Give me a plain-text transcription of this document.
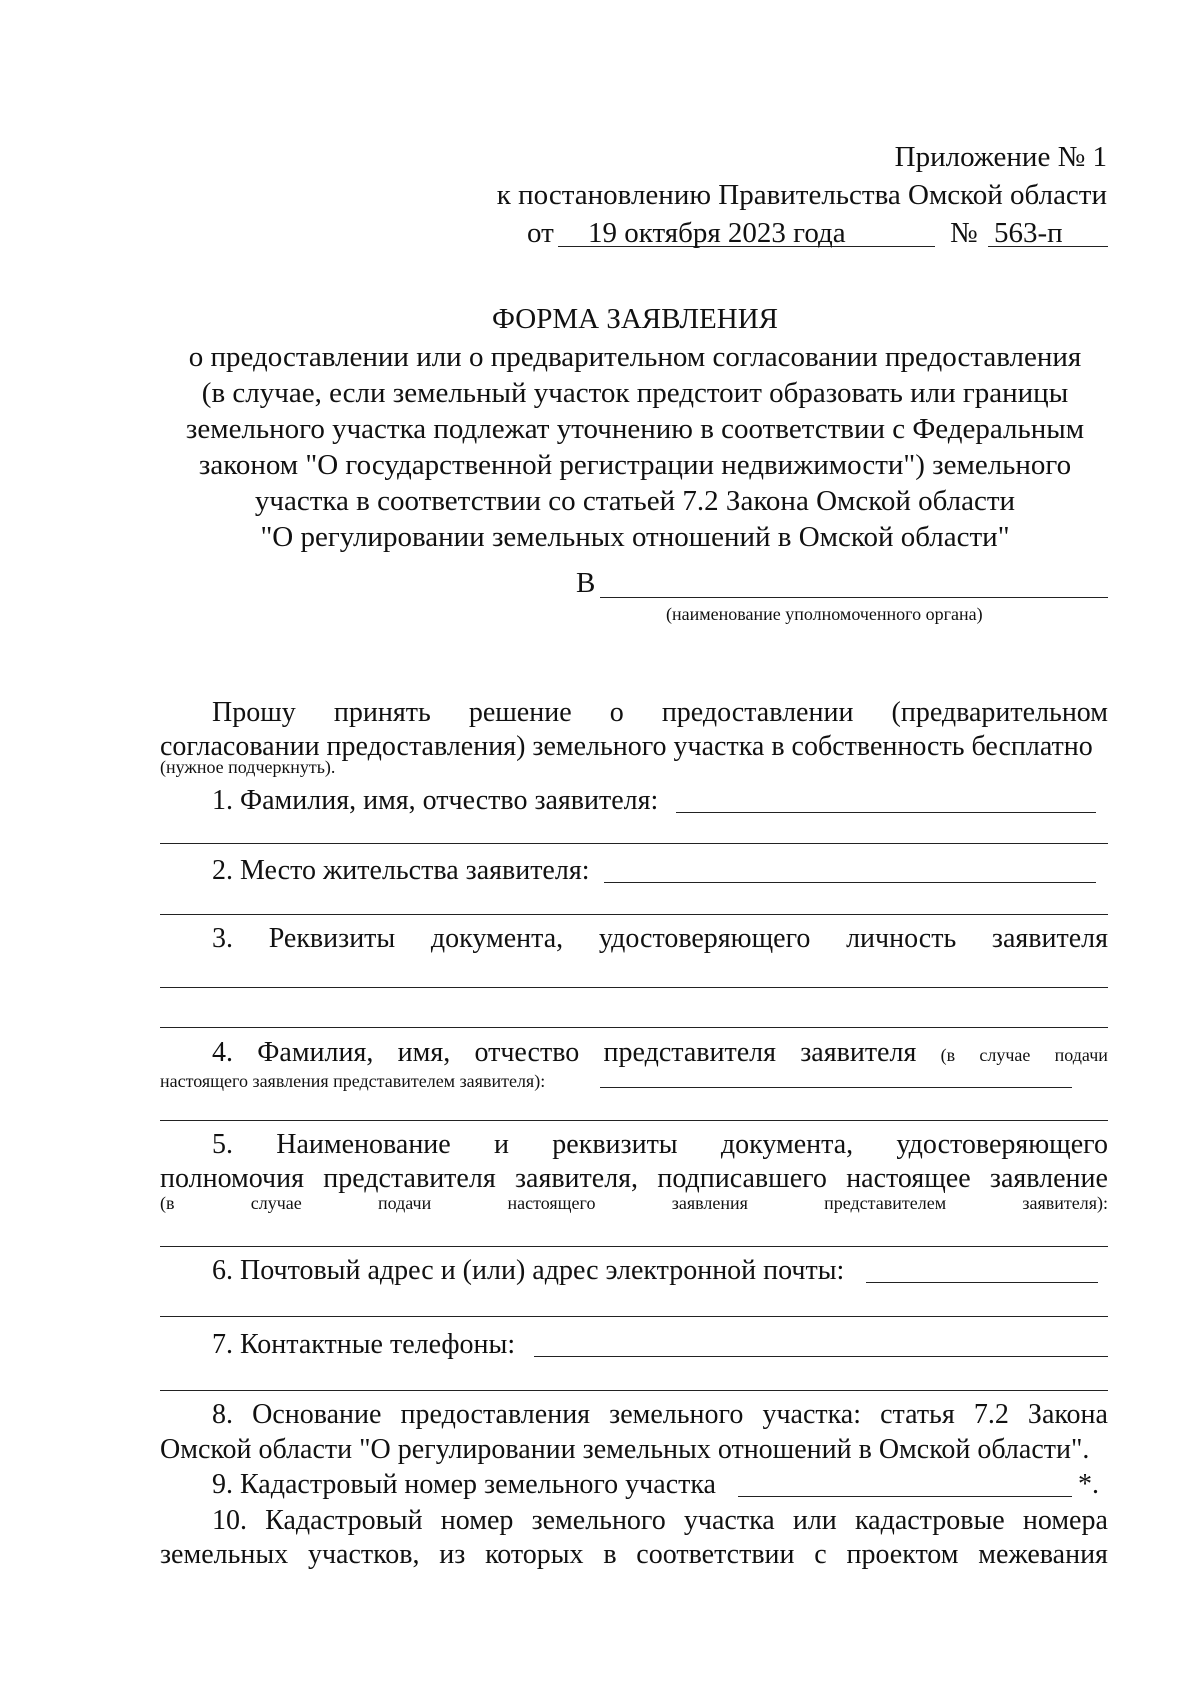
Приложение № 1
к постановлению Правительства Омской области
от 19 октября 2023 года	№ 563-п
ФОРМА ЗАЯВЛЕНИЯ
о предоставлении или о предварительном согласовании предоставления
(в случае, если земельный участок предстоит образовать или границы
земельного участка подлежат уточнению в соответствии с Федеральным
законом "О государственной регистрации недвижимости") земельного
участка в соответствии со статьей 7.2 Закона Омской области
"О регулировании земельных отношений в Омской области"
В
(наименование уполномоченного органа)
Прошу принять решение о предоставлении (предварительном
согласовании предоставления) земельного участка в собственность бесплатно
(нужное подчеркнуть).
1. Фамилия, имя, отчество заявителя:
2. Место жительства заявителя:
3. Реквизиты документа, удостоверяющего личность заявителя
4. Фамилия, имя, отчество представителя заявителя (в случае подачи
настоящего заявления представителем заявителя):
5. Наименование и реквизиты документа, удостоверяющего
полномочия представителя заявителя, подписавшего настоящее заявление
(в	случае	подачи	настоящего	заявления	представителем	заявителя):
6. Почтовый адрес и (или) адрес электронной почты:
7. Контактные телефоны:
8. Основание предоставления земельного участка: статья 7.2 Закона
Омской области "О регулировании земельных отношений в Омской области".
9. Кадастровый номер земельного участка	*.
10. Кадастровый номер земельного участка или кадастровые номера
земельных участков, из которых в соответствии с проектом межевания
